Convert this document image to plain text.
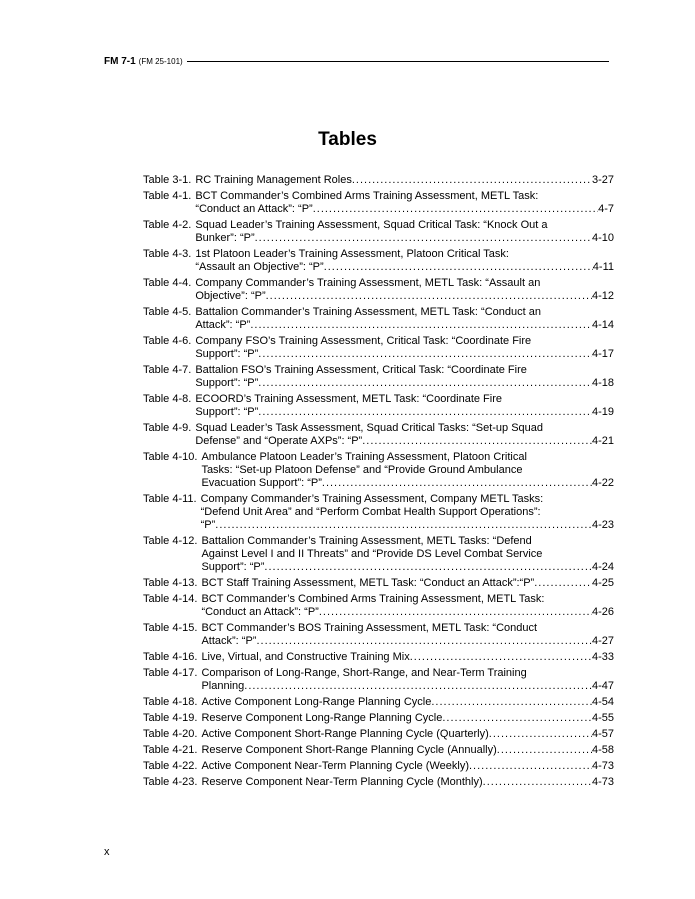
FM 7-1 (FM 25-101)
Tables
Table 3-1. RC Training Management Roles .....	3-27
Table 4-1. BCT Commander’s Combined Arms Training Assessment, METL Task:
“Conduct an Attack”: “P” .....	4-7
Table 4-2. Squad Leader’s Training Assessment, Squad Critical Task: “Knock Out a
Bunker”: “P” .....	4-10
Table 4-3. 1st Platoon Leader’s Training Assessment, Platoon Critical Task:
“Assault an Objective”: “P” .....	4-11
Table 4-4. Company Commander’s Training Assessment, METL Task: “Assault an
Objective”: “P” .....	4-12
Table 4-5. Battalion Commander’s Training Assessment, METL Task: “Conduct an
Attack”: “P” .....	4-14
Table 4-6. Company FSO’s Training Assessment, Critical Task: “Coordinate Fire
Support”: “P” .....	4-17
Table 4-7. Battalion FSO’s Training Assessment, Critical Task: “Coordinate Fire
Support”: “P” .....	4-18
Table 4-8. ECOORD’s Training Assessment, METL Task: “Coordinate Fire
Support”: “P” .....	4-19
Table 4-9. Squad Leader’s Task Assessment, Squad Critical Tasks: “Set-up Squad
Defense” and “Operate AXPs”: “P” .....	4-21
Table 4-10. Ambulance Platoon Leader’s Training Assessment, Platoon Critical
Tasks: “Set-up Platoon Defense” and “Provide Ground Ambulance
Evacuation Support”: “P” .....	4-22
Table 4-11. Company Commander’s Training Assessment, Company METL Tasks:
“Defend Unit Area” and “Perform Combat Health Support Operations”:
“P” .....	4-23
Table 4-12. Battalion Commander’s Training Assessment, METL Tasks: “Defend
Against Level I and II Threats” and “Provide DS Level Combat Service
Support”: “P” .....	4-24
Table 4-13. BCT Staff Training Assessment, METL Task: “Conduct an Attack”:“P” .....	4-25
Table 4-14. BCT Commander’s Combined Arms Training Assessment, METL Task:
“Conduct an Attack”: “P” .....	4-26
Table 4-15. BCT Commander’s BOS Training Assessment, METL Task: “Conduct
Attack”: “P” .....	4-27
Table 4-16. Live, Virtual, and Constructive Training Mix .....	4-33
Table 4-17. Comparison of Long-Range, Short-Range, and Near-Term Training
Planning .....	4-47
Table 4-18. Active Component Long-Range Planning Cycle .....	4-54
Table 4-19. Reserve Component Long-Range Planning Cycle .....	4-55
Table 4-20. Active Component Short-Range Planning Cycle (Quarterly) .....	4-57
Table 4-21. Reserve Component Short-Range Planning Cycle (Annually) .....	4-58
Table 4-22. Active Component Near-Term Planning Cycle (Weekly) .....	4-73
Table 4-23. Reserve Component Near-Term Planning Cycle (Monthly) .....	4-73
x
